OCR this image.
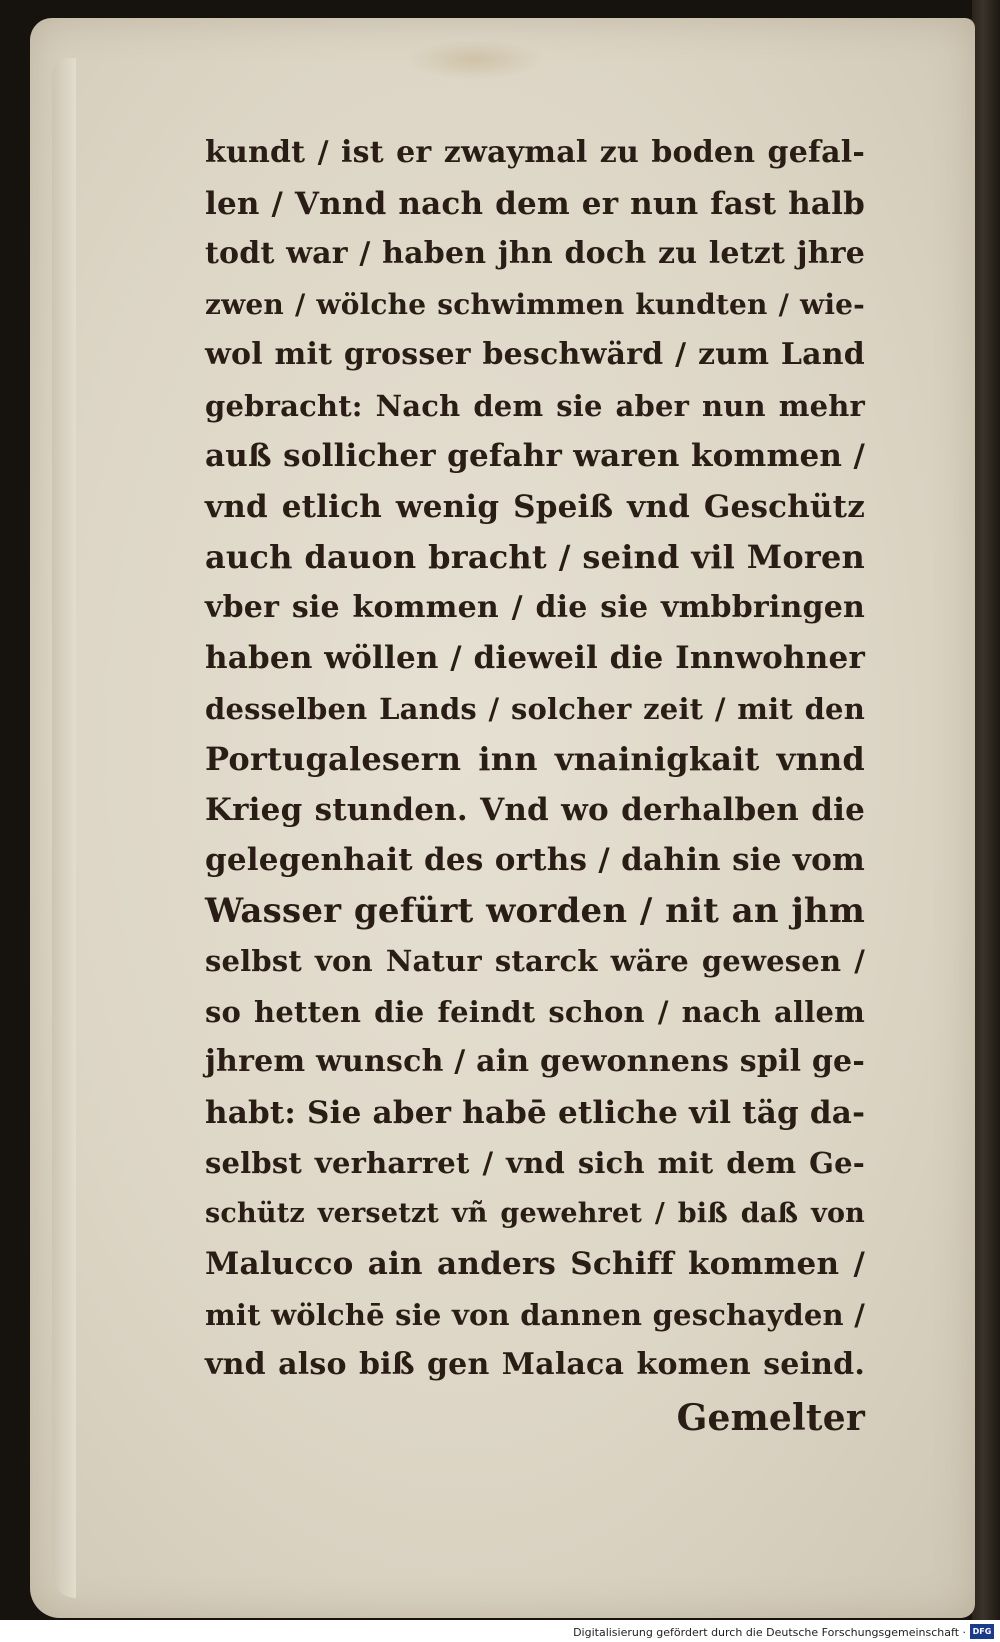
kundt / ist er zwaymal zu boden gefal-
len / Vnnd nach dem er nun fast halb
todt war / haben jhn doch zu letzt jhre
zwen / wölche schwimmen kundten / wie-
wol mit grosser beschwärd / zum Land
gebracht: Nach dem sie aber nun mehr
auß sollicher gefahr waren kommen /
vnd etlich wenig Speiß vnd Geschütz
auch dauon bracht / seind vil Moren
vber sie kommen / die sie vmbbringen
haben wöllen / dieweil die Innwohner
desselben Lands / solcher zeit / mit den
Portugalesern inn vnainigkait vnnd
Krieg stunden. Vnd wo derhalben die
gelegenhait des orths / dahin sie vom
Wasser gefürt worden / nit an jhm
selbst von Natur starck wäre gewesen /
so hetten die feindt schon / nach allem
jhrem wunsch / ain gewonnens spil ge-
habt: Sie aber habē etliche vil täg da-
selbst verharret / vnd sich mit dem Ge-
schütz versetzt vñ gewehret / biß daß von
Malucco ain anders Schiff kommen /
mit wölchē sie von dannen geschayden /
vnd also biß gen Malaca komen seind.
Gemelter
Digitalisierung gefördert durch die Deutsche Forschungsgemeinschaft · DFG
